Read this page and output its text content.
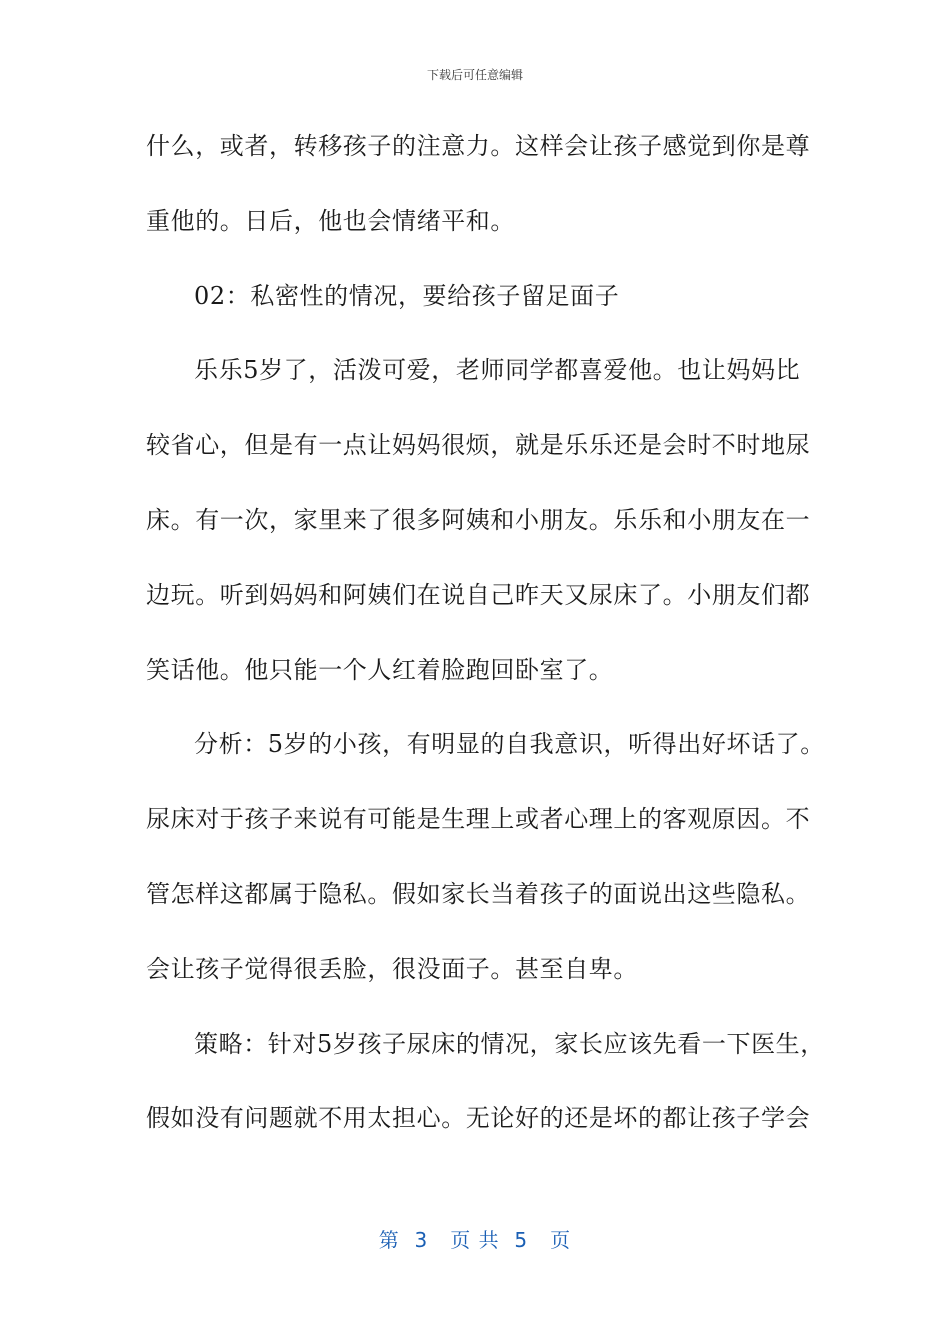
下载后可任意编辑
什么，或者，转移孩子的注意力。这样会让孩子感觉到你是尊
重他的。日后，他也会情绪平和。
02：私密性的情况，要给孩子留足面子
乐乐5岁了，活泼可爱，老师同学都喜爱他。也让妈妈比
较省心，但是有一点让妈妈很烦，就是乐乐还是会时不时地尿
床。有一次，家里来了很多阿姨和小朋友。乐乐和小朋友在一
边玩。听到妈妈和阿姨们在说自己昨天又尿床了。小朋友们都
笑话他。他只能一个人红着脸跑回卧室了。
分析：5岁的小孩，有明显的自我意识，听得出好坏话了。
尿床对于孩子来说有可能是生理上或者心理上的客观原因。不
管怎样这都属于隐私。假如家长当着孩子的面说出这些隐私。
会让孩子觉得很丢脸，很没面子。甚至自卑。
策略：针对5岁孩子尿床的情况，家长应该先看一下医生，
假如没有问题就不用太担心。无论好的还是坏的都让孩子学会
第  3   页 共  5   页
